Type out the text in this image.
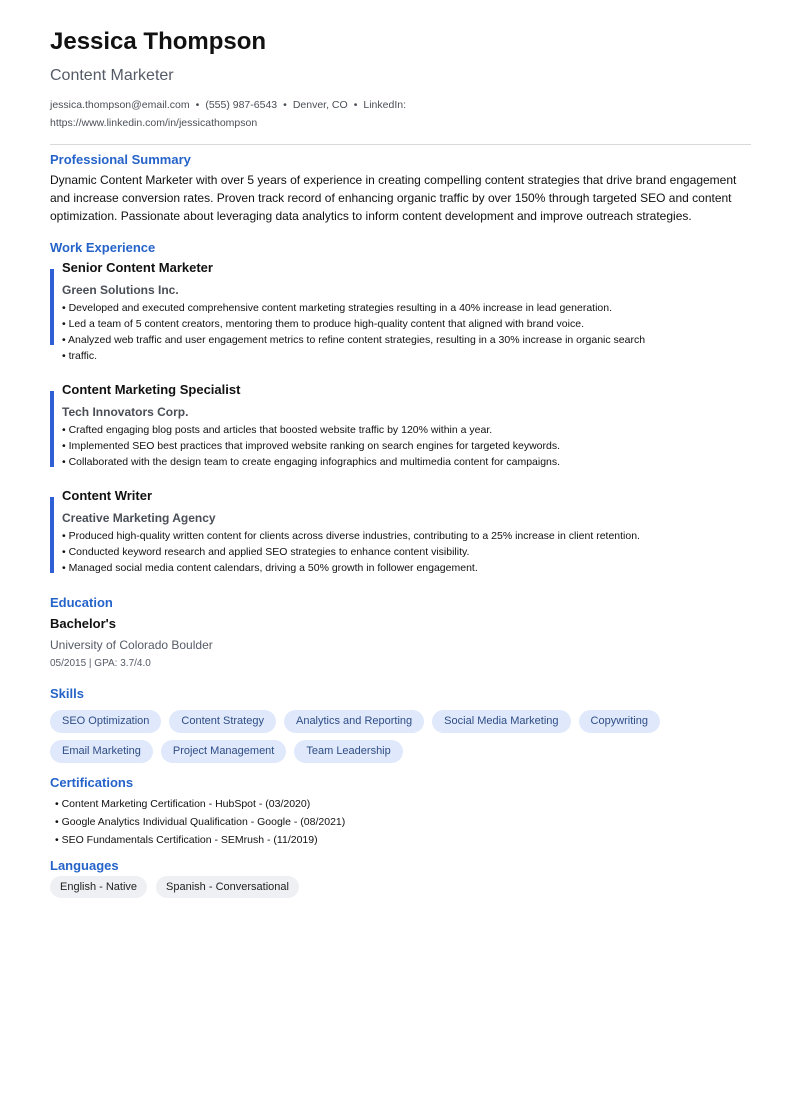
Jessica Thompson
Content Marketer
jessica.thompson@email.com • (555) 987-6543 • Denver, CO • LinkedIn:
https://www.linkedin.com/in/jessicathompson
Professional Summary
Dynamic Content Marketer with over 5 years of experience in creating compelling content strategies that drive brand engagement and increase conversion rates. Proven track record of enhancing organic traffic by over 150% through targeted SEO and content optimization. Passionate about leveraging data analytics to inform content development and improve outreach strategies.
Work Experience
Senior Content Marketer
Green Solutions Inc.
• Developed and executed comprehensive content marketing strategies resulting in a 40% increase in lead generation.
• Led a team of 5 content creators, mentoring them to produce high-quality content that aligned with brand voice.
• Analyzed web traffic and user engagement metrics to refine content strategies, resulting in a 30% increase in organic search
• traffic.
Content Marketing Specialist
Tech Innovators Corp.
• Crafted engaging blog posts and articles that boosted website traffic by 120% within a year.
• Implemented SEO best practices that improved website ranking on search engines for targeted keywords.
• Collaborated with the design team to create engaging infographics and multimedia content for campaigns.
Content Writer
Creative Marketing Agency
• Produced high-quality written content for clients across diverse industries, contributing to a 25% increase in client retention.
• Conducted keyword research and applied SEO strategies to enhance content visibility.
• Managed social media content calendars, driving a 50% growth in follower engagement.
Education
Bachelor's
University of Colorado Boulder
05/2015 | GPA: 3.7/4.0
Skills
SEO Optimization	Content Strategy	Analytics and Reporting	Social Media Marketing	Copywriting
Email Marketing	Project Management	Team Leadership
Certifications
• Content Marketing Certification - HubSpot - (03/2020)
• Google Analytics Individual Qualification - Google - (08/2021)
• SEO Fundamentals Certification - SEMrush - (11/2019)
Languages
English - Native	Spanish - Conversational
